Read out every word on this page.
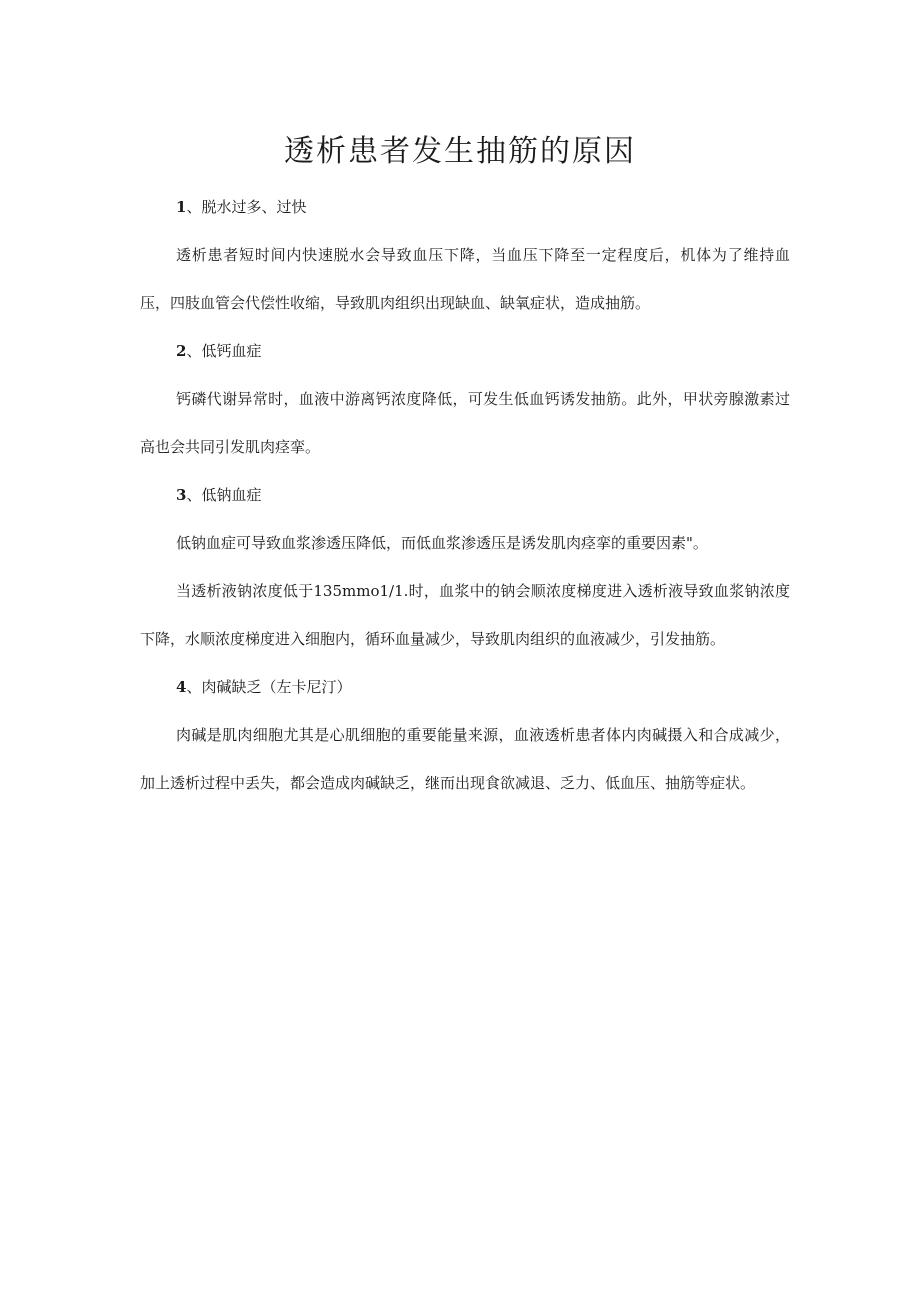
透析患者发生抽筋的原因
1、脱水过多、过快

透析患者短时间内快速脱水会导致血压下降，当血压下降至一定程度后，机体为了维持血压，四肢血管会代偿性收缩，导致肌肉组织出现缺血、缺氧症状，造成抽筋。

2、低钙血症

钙磷代谢异常时，血液中游离钙浓度降低，可发生低血钙诱发抽筋。此外，甲状旁腺激素过高也会共同引发肌肉痉挛。

3、低钠血症

低钠血症可导致血浆渗透压降低，而低血浆渗透压是诱发肌肉痉挛的重要因素"。

当透析液钠浓度低于135mmo1∕1.时，血浆中的钠会顺浓度梯度进入透析液导致血浆钠浓度下降，水顺浓度梯度进入细胞内，循环血量减少，导致肌肉组织的血液减少，引发抽筋。

4、肉碱缺乏（左卡尼汀）

肉碱是肌肉细胞尤其是心肌细胞的重要能量来源，血液透析患者体内肉碱摄入和合成减少，加上透析过程中丢失，都会造成肉碱缺乏，继而出现食欲减退、乏力、低血压、抽筋等症状。
